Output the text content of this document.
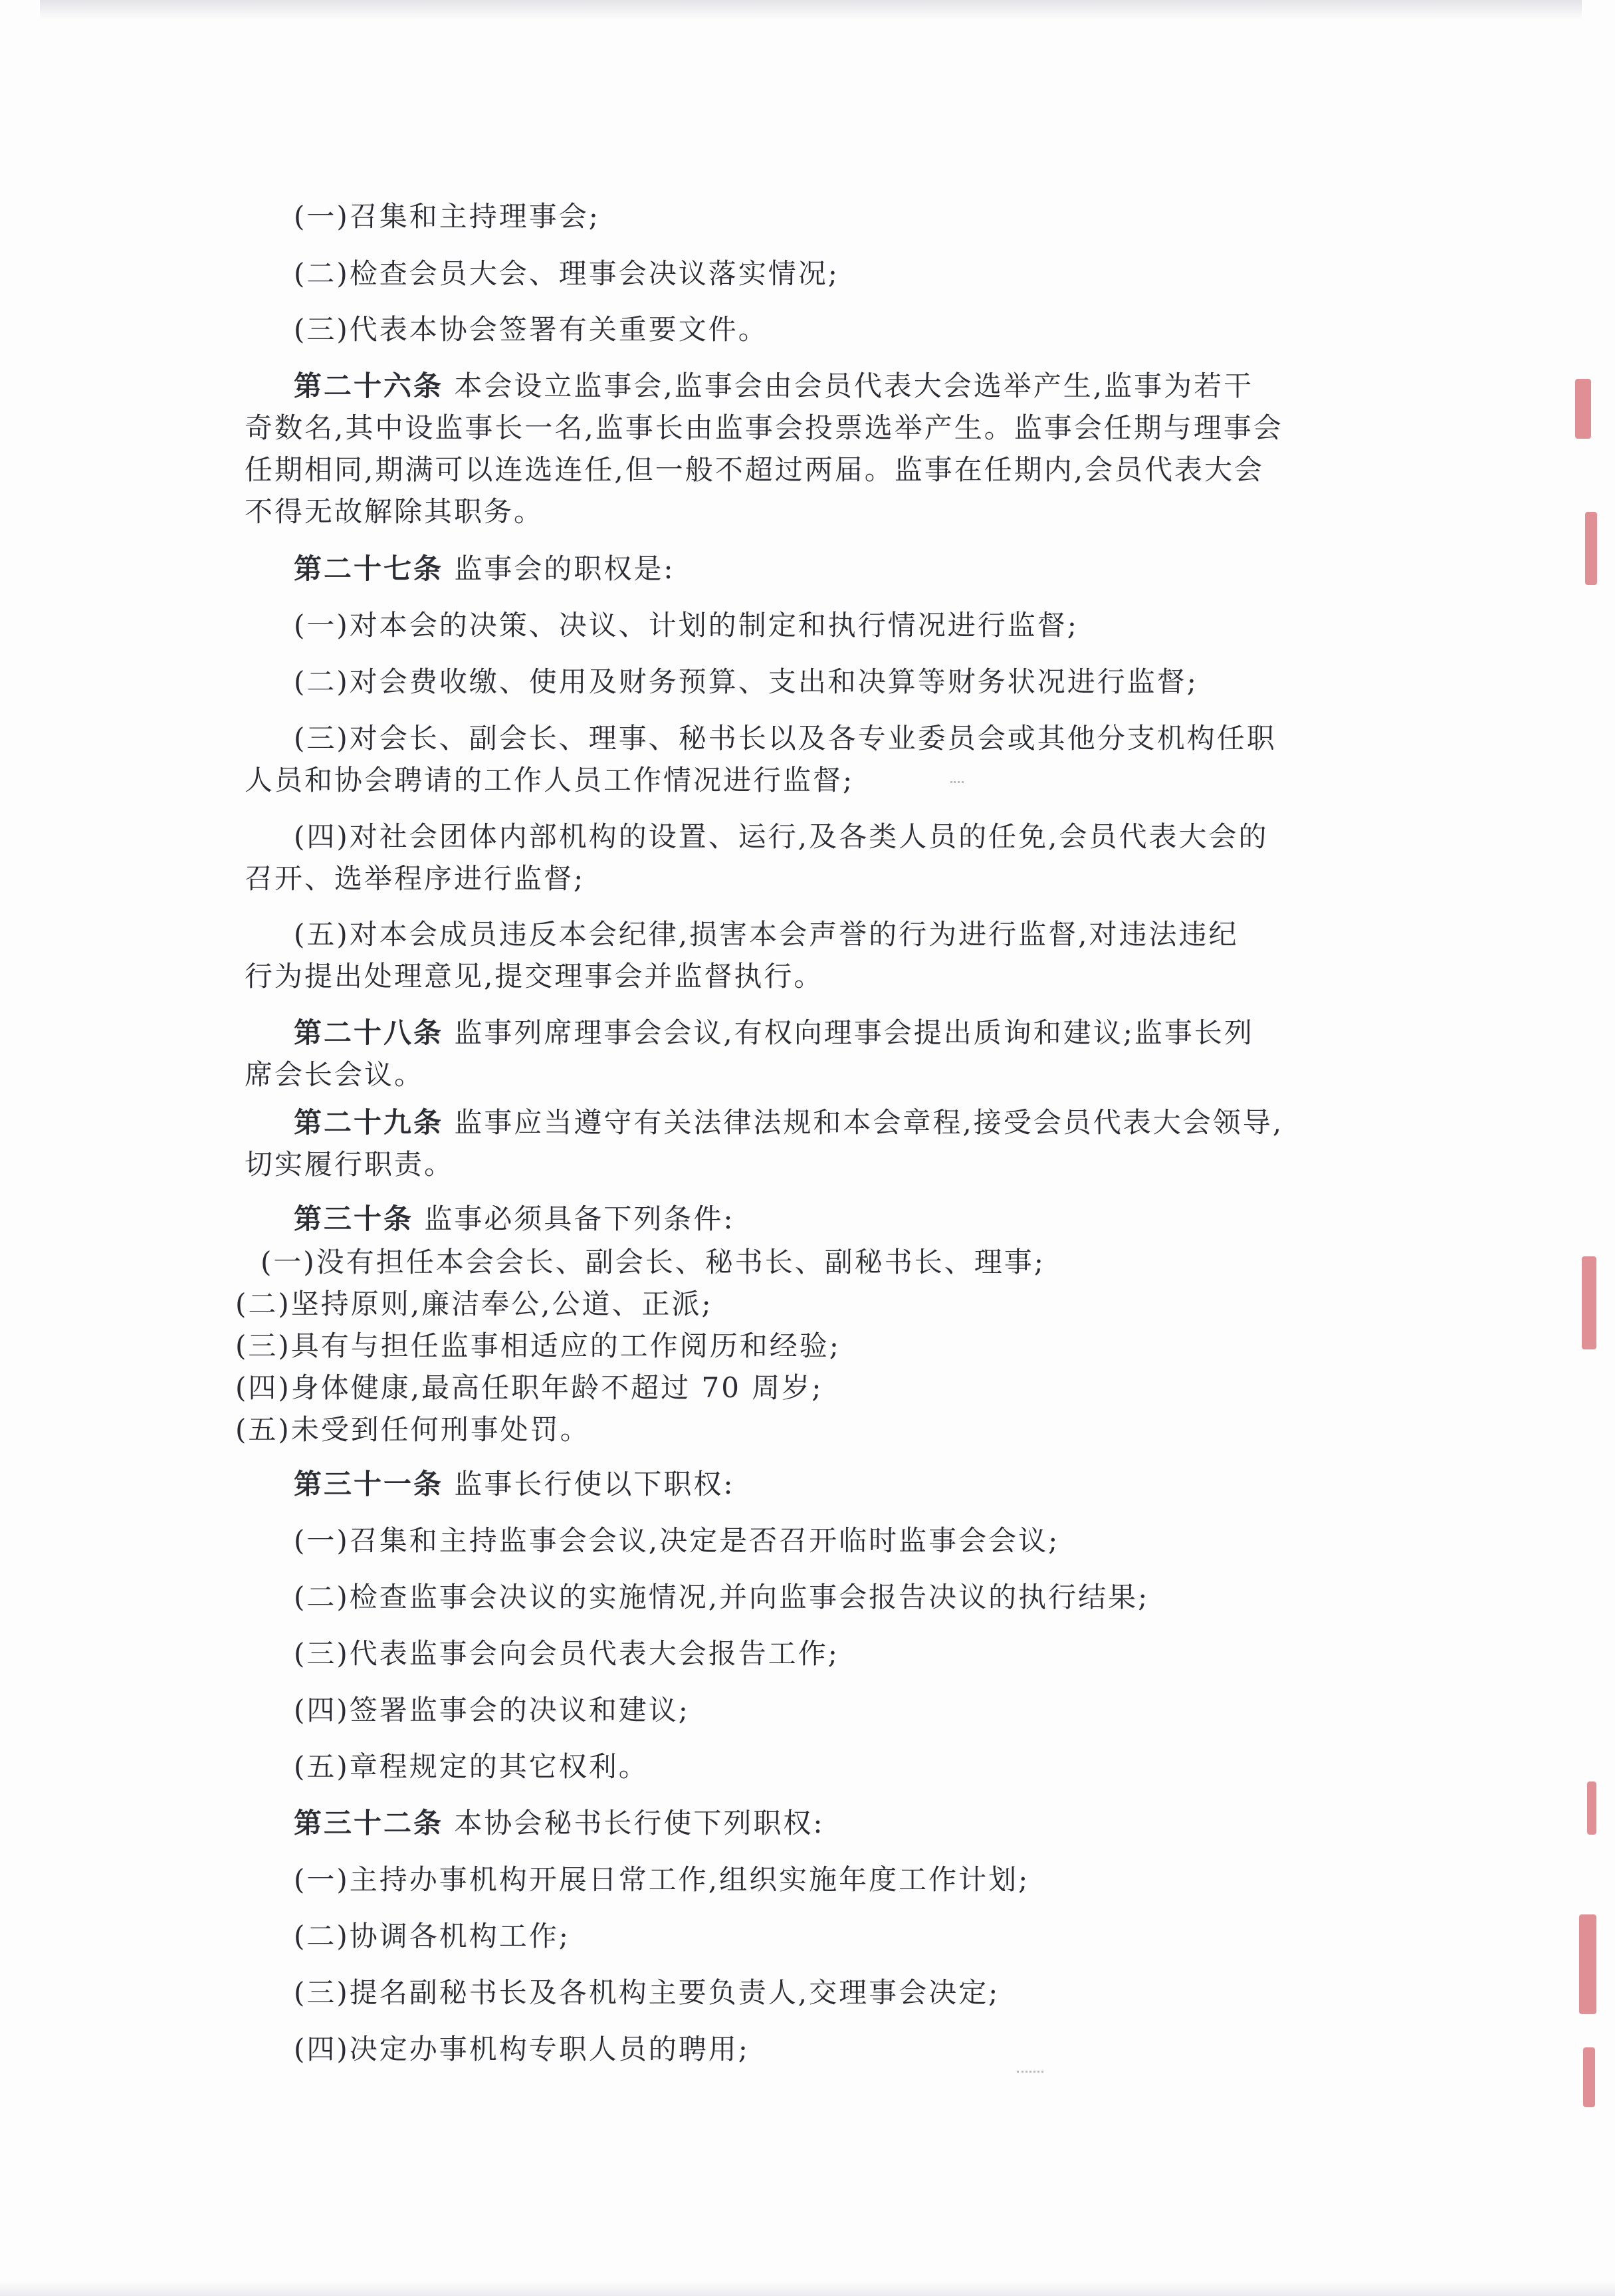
(一)召集和主持理事会;
(二)检查会员大会、理事会决议落实情况;
(三)代表本协会签署有关重要文件。
第二十六条 本会设立监事会,监事会由会员代表大会选举产生,监事为若干
奇数名,其中设监事长一名,监事长由监事会投票选举产生。监事会任期与理事会
任期相同,期满可以连选连任,但一般不超过两届。监事在任期内,会员代表大会
不得无故解除其职务。
第二十七条 监事会的职权是:
(一)对本会的决策、决议、计划的制定和执行情况进行监督;
(二)对会费收缴、使用及财务预算、支出和决算等财务状况进行监督;
(三)对会长、副会长、理事、秘书长以及各专业委员会或其他分支机构任职
人员和协会聘请的工作人员工作情况进行监督;
(四)对社会团体内部机构的设置、运行,及各类人员的任免,会员代表大会的
召开、选举程序进行监督;
(五)对本会成员违反本会纪律,损害本会声誉的行为进行监督,对违法违纪
行为提出处理意见,提交理事会并监督执行。
第二十八条 监事列席理事会会议,有权向理事会提出质询和建议;监事长列
席会长会议。
第二十九条 监事应当遵守有关法律法规和本会章程,接受会员代表大会领导,
切实履行职责。
第三十条 监事必须具备下列条件:
(一)没有担任本会会长、副会长、秘书长、副秘书长、理事;
(二)坚持原则,廉洁奉公,公道、正派;
(三)具有与担任监事相适应的工作阅历和经验;
(四)身体健康,最高任职年龄不超过 70 周岁;
(五)未受到任何刑事处罚。
第三十一条 监事长行使以下职权:
(一)召集和主持监事会会议,决定是否召开临时监事会会议;
(二)检查监事会决议的实施情况,并向监事会报告决议的执行结果;
(三)代表监事会向会员代表大会报告工作;
(四)签署监事会的决议和建议;
(五)章程规定的其它权利。
第三十二条 本协会秘书长行使下列职权:
(一)主持办事机构开展日常工作,组织实施年度工作计划;
(二)协调各机构工作;
(三)提名副秘书长及各机构主要负责人,交理事会决定;
(四)决定办事机构专职人员的聘用;
